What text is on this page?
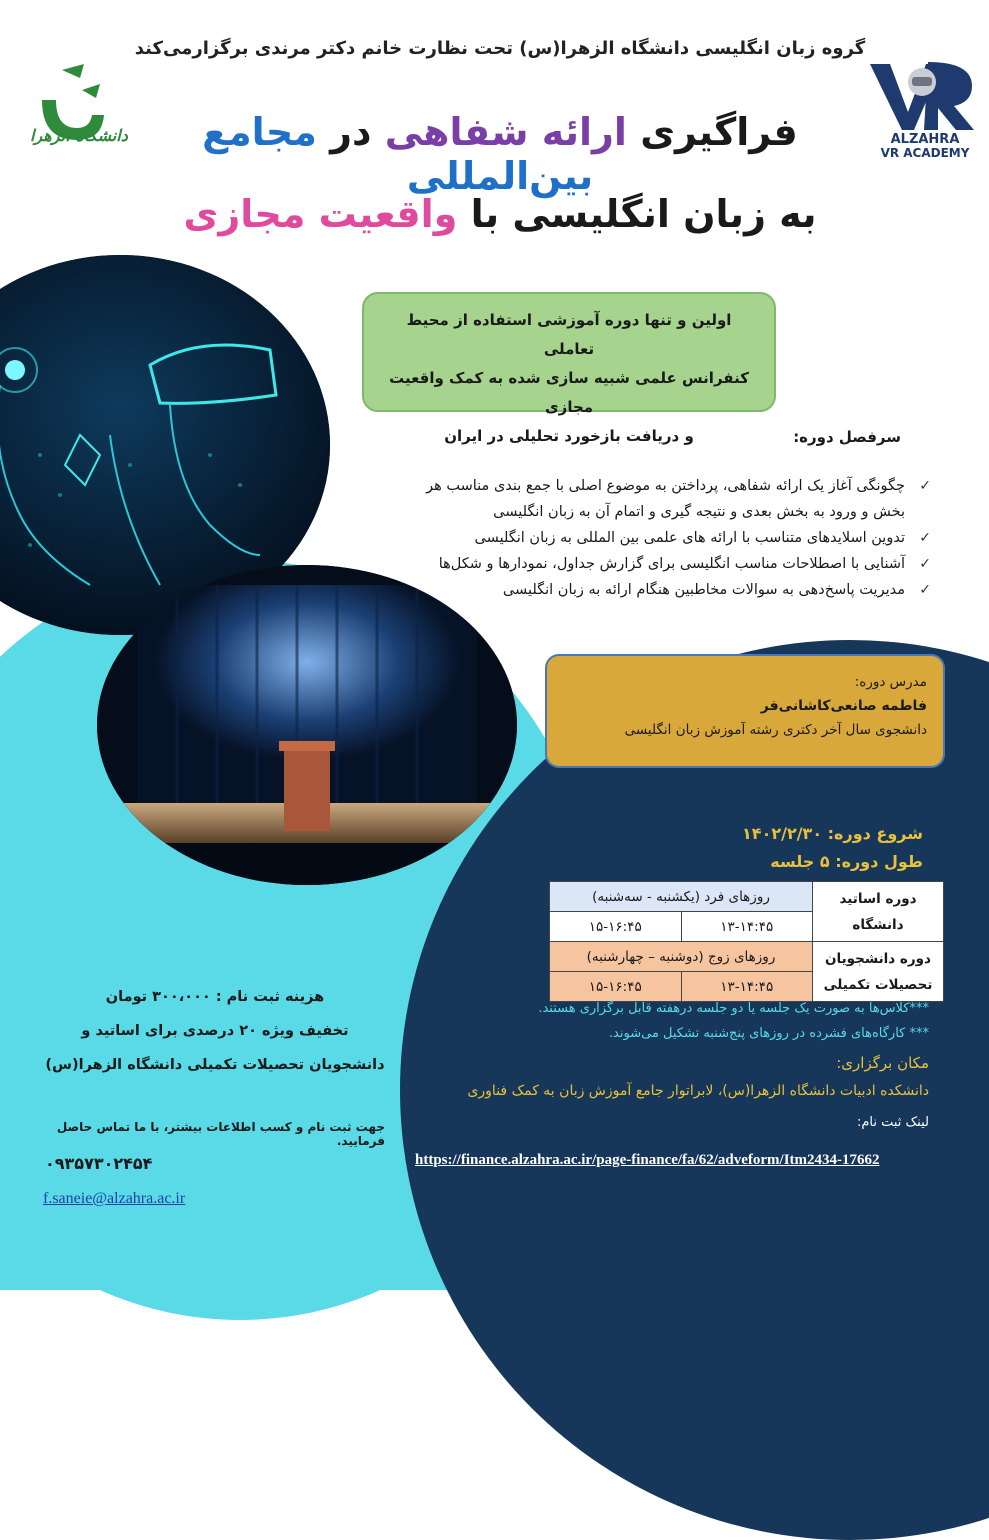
گروه زبان انگلیسی دانشگاه الزهرا(س) تحت نظارت خانم دکتر مرندی برگزارمی‌کند
دانشگاه الزهرا	ALZAHRA
VR ACADEMY
فراگیری ارائه شفاهی در مجامع بین‌المللی
به زبان انگلیسی با واقعیت مجازی
اولین و تنها دوره آموزشی استفاده از محیط تعاملی
کنفرانس علمی شبیه سازی شده به کمک واقعیت مجازی
و دریافت بازخورد تحلیلی در ایران	سرفصل دوره:
✓
چگونگی آغاز یک ارائه شفاهی، پرداختن به موضوع اصلی با جمع بندی مناسب هر بخش و ورود به بخش بعدی و نتیجه گیری و اتمام آن به زبان انگلیسی
✓
تدوین اسلایدهای متناسب با ارائه های علمی بین المللی به زبان انگلیسی
✓
آشنایی با اصطلاحات مناسب انگلیسی برای گزارش جداول، نمودارها و شکل‌ها
✓
مدیریت پاسخ‌دهی به سوالات مخاطبین هنگام ارائه به زبان انگلیسی
مدرس دوره:
فاطمه صانعی‌کاشانی‌فر
دانشجوی سال آخر دکتری رشته آموزش زبان انگلیسی
شروع دوره: ۱۴۰۲/۲/۳۰
طول دوره: ۵ جلسه
دوره اساتید دانشگاه	روزهای فرد (یکشنبه - سه‌شنبه)	
	۱۳-۱۴:۴۵	۱۵-۱۶:۴۵
دوره دانشجویان تحصیلات تکمیلی	روزهای زوج (دوشنبه – چهارشنبه)	
	۱۳-۱۴:۴۵	۱۵-۱۶:۴۵
***کلاس‌ها به صورت یک جلسه یا دو جلسه درهفته قابل برگزاری هستند.
*** کارگاه‌های فشرده در روزهای پنج‌شنبه تشکیل می‌شوند.
مکان برگزاری:
دانشکده ادبیات دانشگاه الزهرا(س)، لابراتوار جامع آموزش زبان به کمک فناوری
لینک ثبت نام:
https://finance.alzahra.ac.ir/page-finance/fa/62/adveform/Itm2434-17662
هزینه ثبت نام : ۳۰۰،۰۰۰ تومان
تخفیف ویژه ۲۰ درصدی برای اساتید و
دانشجویان تحصیلات تکمیلی دانشگاه الزهرا(س)
جهت ثبت نام و کسب اطلاعات بیشتر، با ما تماس حاصل فرمایید.
۰۹۳۵۷۳۰۲۴۵۴
f.saneie@alzahra.ac.ir
